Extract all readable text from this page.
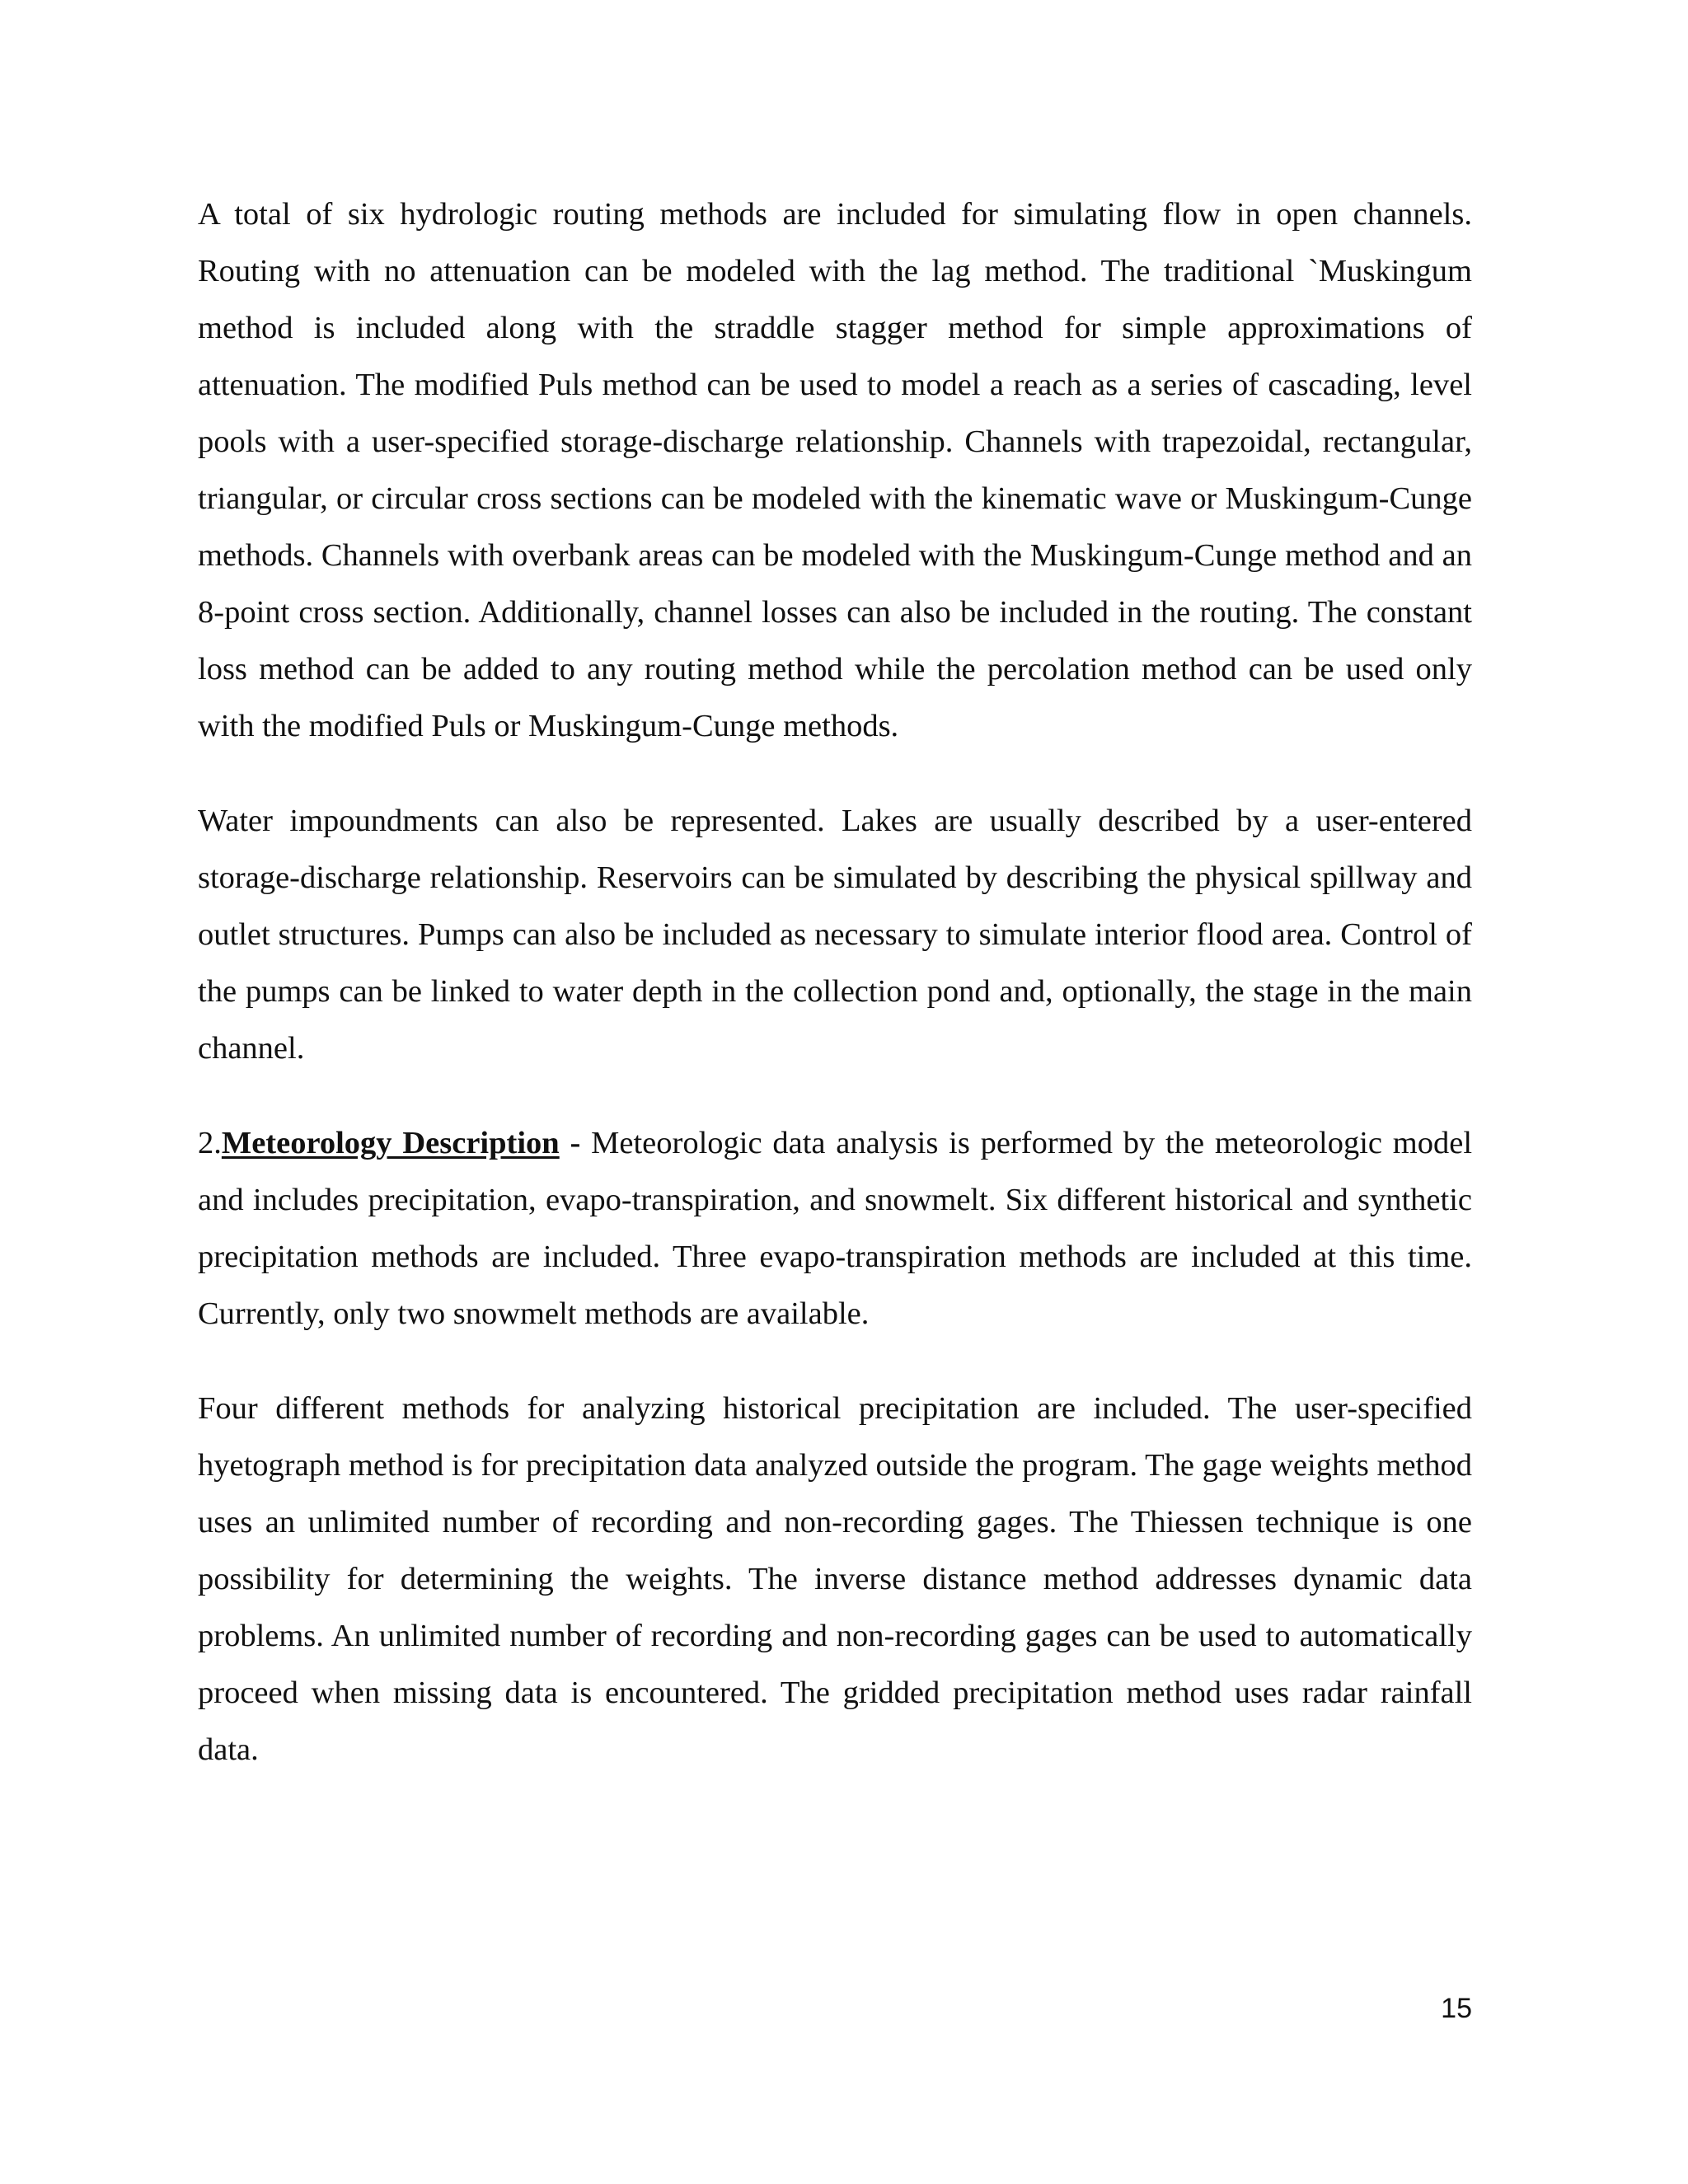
A total of six hydrologic routing methods are included for simulating flow in open channels. Routing with no attenuation can be modeled with the lag method. The traditional `Muskingum method is included along with the straddle stagger method for simple approximations of attenuation. The modified Puls method can be used to model a reach as a series of cascading, level pools with a user-specified storage-discharge relationship. Channels with trapezoidal, rectangular, triangular, or circular cross sections can be modeled with the kinematic wave or Muskingum-Cunge methods. Channels with overbank areas can be modeled with the Muskingum-Cunge method and an 8-point cross section. Additionally, channel losses can also be included in the routing. The constant loss method can be added to any routing method while the percolation method can be used only with the modified Puls or Muskingum-Cunge methods.

Water impoundments can also be represented. Lakes are usually described by a user-entered storage-discharge relationship. Reservoirs can be simulated by describing the physical spillway and outlet structures. Pumps can also be included as necessary to simulate interior flood area. Control of the pumps can be linked to water depth in the collection pond and, optionally, the stage in the main channel.

2.Meteorology Description - Meteorologic data analysis is performed by the meteorologic model and includes precipitation, evapo-transpiration, and snowmelt. Six different historical and synthetic precipitation methods are included. Three evapo-transpiration methods are included at this time. Currently, only two snowmelt methods are available.

Four different methods for analyzing historical precipitation are included. The user-specified hyetograph method is for precipitation data analyzed outside the program. The gage weights method uses an unlimited number of recording and non-recording gages. The Thiessen technique is one possibility for determining the weights. The inverse distance method addresses dynamic data problems. An unlimited number of recording and non-recording gages can be used to automatically proceed when missing data is encountered. The gridded precipitation method uses radar rainfall data.

15
